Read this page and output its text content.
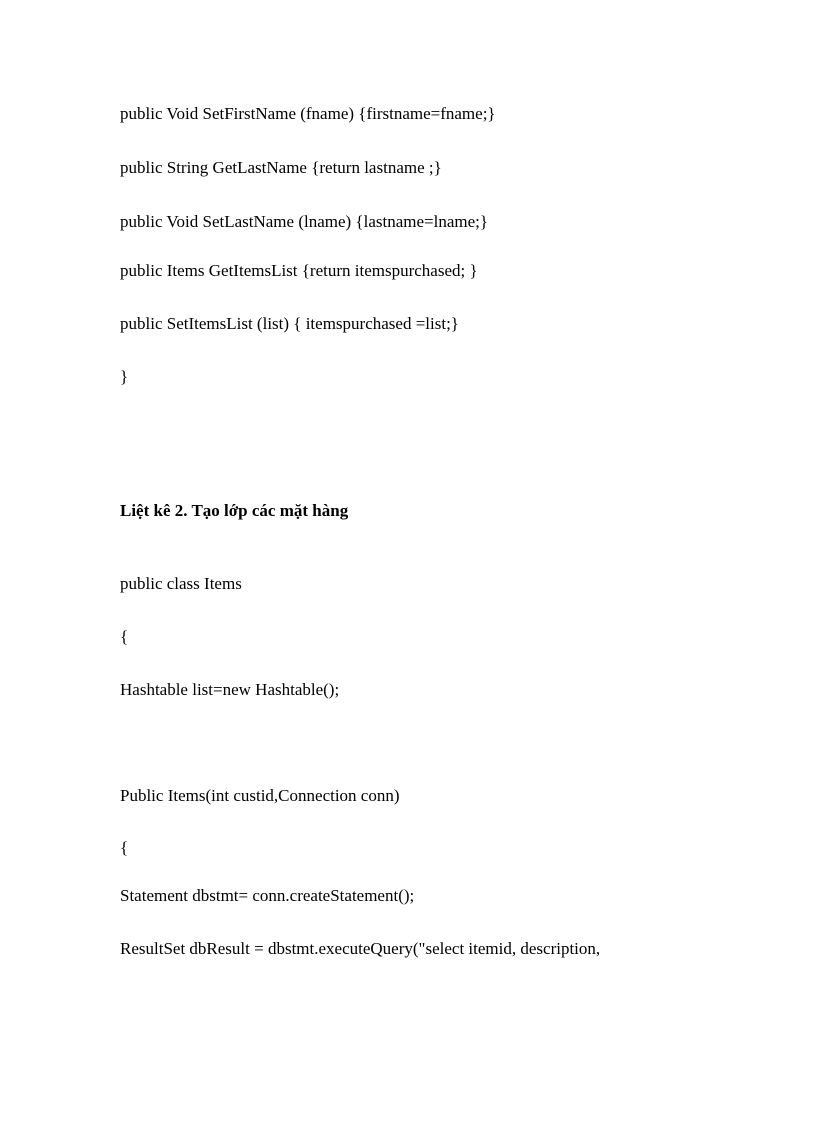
public Void SetFirstName (fname) {firstname=fname;}
public String GetLastName {return lastname ;}
public Void SetLastName (lname) {lastname=lname;}
public Items GetItemsList {return itemspurchased; }
public SetItemsList (list) { itemspurchased =list;}
}
Liệt kê 2. Tạo lớp các mặt hàng
public class Items
{
Hashtable list=new Hashtable();
Public Items(int custid,Connection conn)
{
Statement dbstmt= conn.createStatement();
ResultSet dbResult = dbstmt.executeQuery("select itemid, description,
